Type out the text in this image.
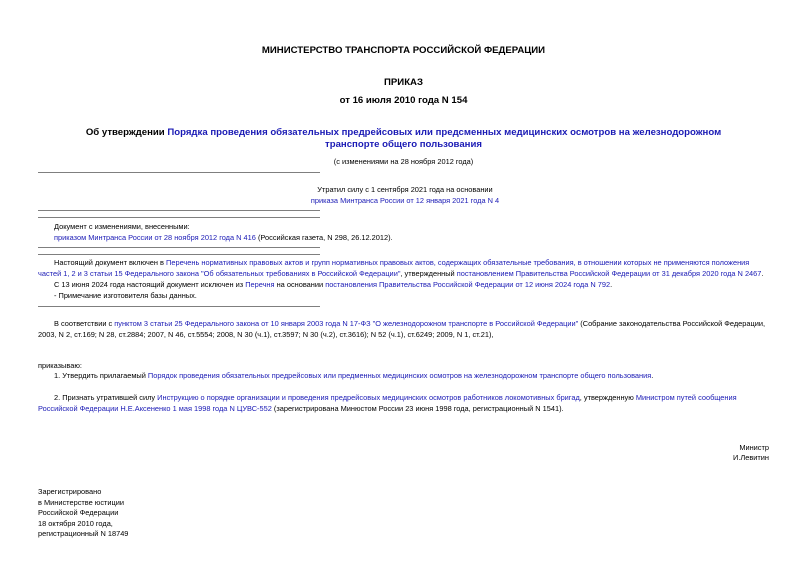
МИНИСТЕРСТВО ТРАНСПОРТА РОССИЙСКОЙ ФЕДЕРАЦИИ
ПРИКАЗ
от 16 июля 2010 года N 154
Об утверждении Порядка проведения обязательных предрейсовых или предсменных медицинских осмотров на железнодорожном транспорте общего пользования
(с изменениями на 28 ноября 2012 года)
Утратил силу с 1 сентября 2021 года на основании
приказа Минтранса России от 12 января 2021 года N 4
Документ с изменениями, внесенными:
приказом Минтранса России от 28 ноября 2012 года N 416 (Российская газета, N 298, 26.12.2012).
Настоящий документ включен в Перечень нормативных правовых актов и групп нормативных правовых актов, содержащих обязательные требования, в отношении которых не применяются положения частей 1, 2 и 3 статьи 15 Федерального закона "Об обязательных требованиях в Российской Федерации", утвержденный постановлением Правительства Российской Федерации от 31 декабря 2020 года N 2467.
С 13 июня 2024 года настоящий документ исключен из Перечня на основании постановления Правительства Российской Федерации от 12 июня 2024 года N 792.
- Примечание изготовителя базы данных.
В соответствии с пунктом 3 статьи 25 Федерального закона от 10 января 2003 года N 17-ФЗ "О железнодорожном транспорте в Российской Федерации" (Собрание законодательства Российской Федерации, 2003, N 2, ст.169; N 28, ст.2884; 2007, N 46, ст.5554; 2008, N 30 (ч.1), ст.3597; N 30 (ч.2), ст.3616); N 52 (ч.1), ст.6249; 2009, N 1, ст.21),
приказываю:
1. Утвердить прилагаемый Порядок проведения обязательных предрейсовых или предменных медицинских осмотров на железнодорожном транспорте общего пользования.
2. Признать утратившей силу Инструкцию о порядке организации и проведения предрейсовых медицинских осмотров работников локомотивных бригад, утвержденную Министром путей сообщения Российской Федерации Н.Е.Аксененко 1 мая 1998 года N ЦУВС-552 (зарегистрирована Минюстом России 23 июня 1998 года, регистрационный N 1541).
Министр
И.Левитин
Зарегистрировано
в Министерстве юстиции
Российской Федерации
18 октября 2010 года,
регистрационный N 18749
